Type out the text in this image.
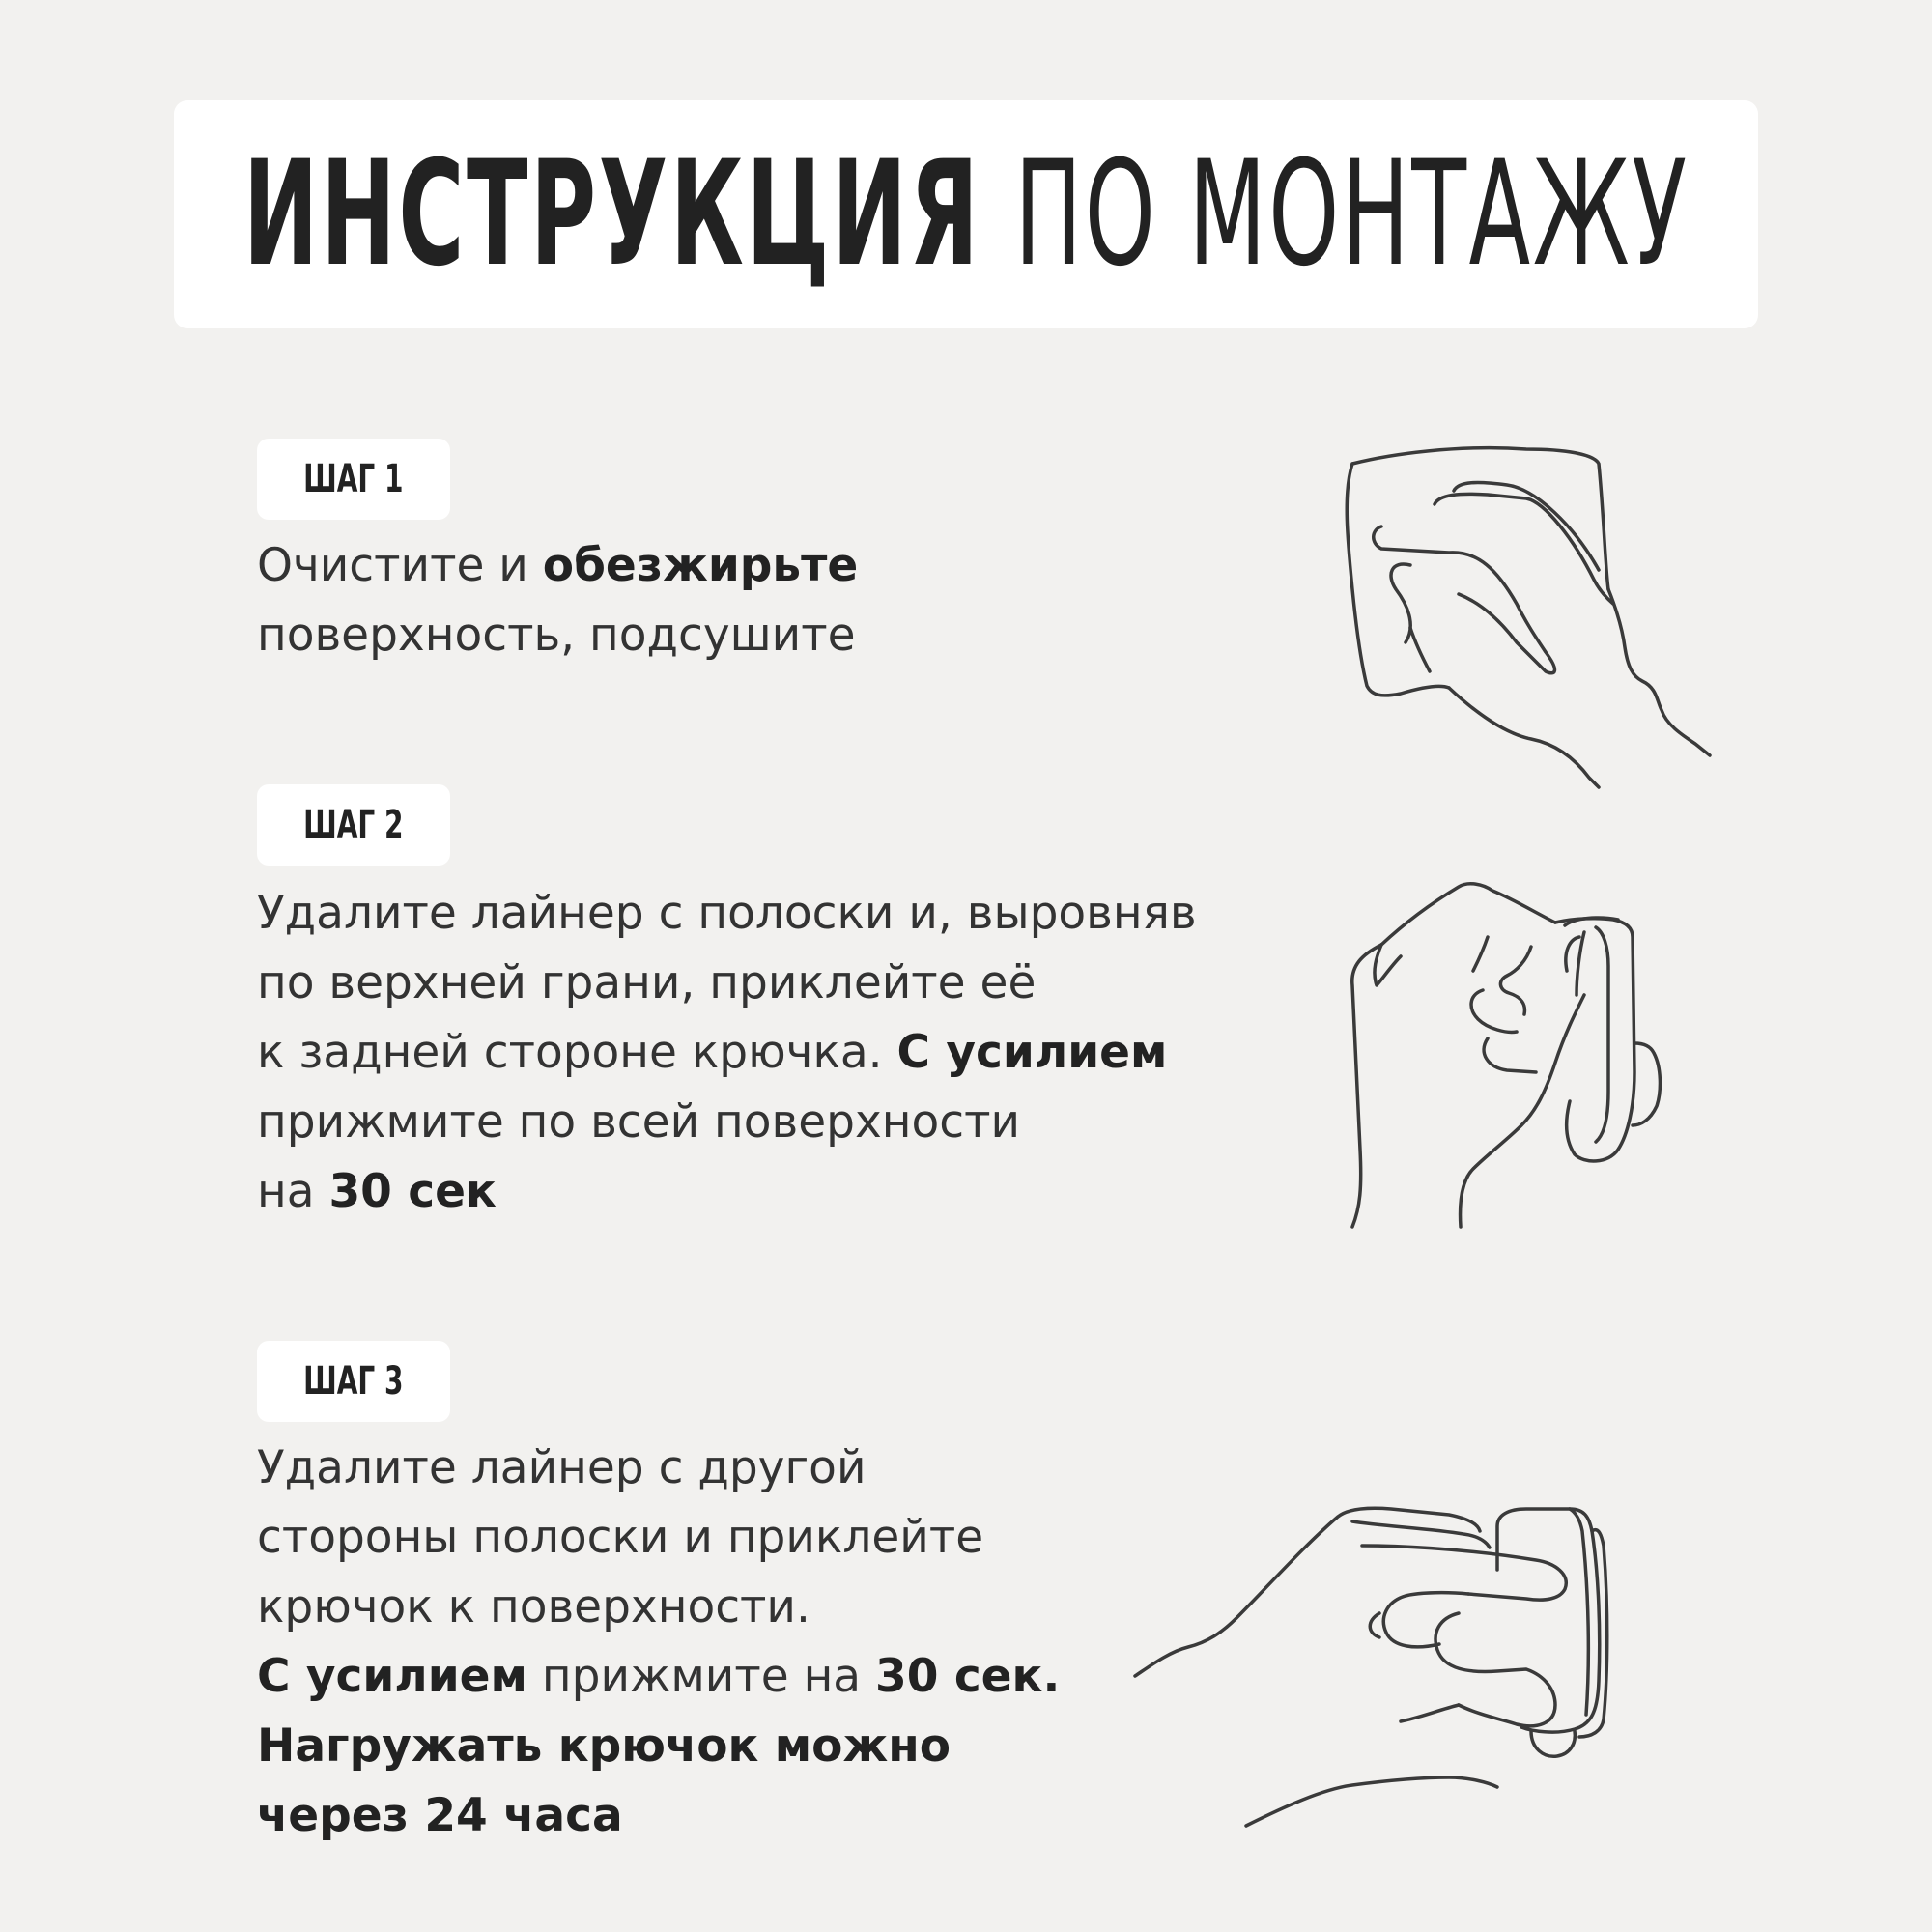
ИНСТРУКЦИЯ ПО МОНТАЖУ
ШАГ 1

Очистите и обезжирьте
поверхность, подсушите

ШАГ 2

Удалите лайнер с полоски и, выровняв
по верхней грани, приклейте её
к задней стороне крючка. С усилием
прижмите по всей поверхности
на 30 сек

ШАГ 3

Удалите лайнер с другой
стороны полоски и приклейте
крючок к поверхности.
С усилием прижмите на 30 сек.
Нагружать крючок можно
через 24 часа
